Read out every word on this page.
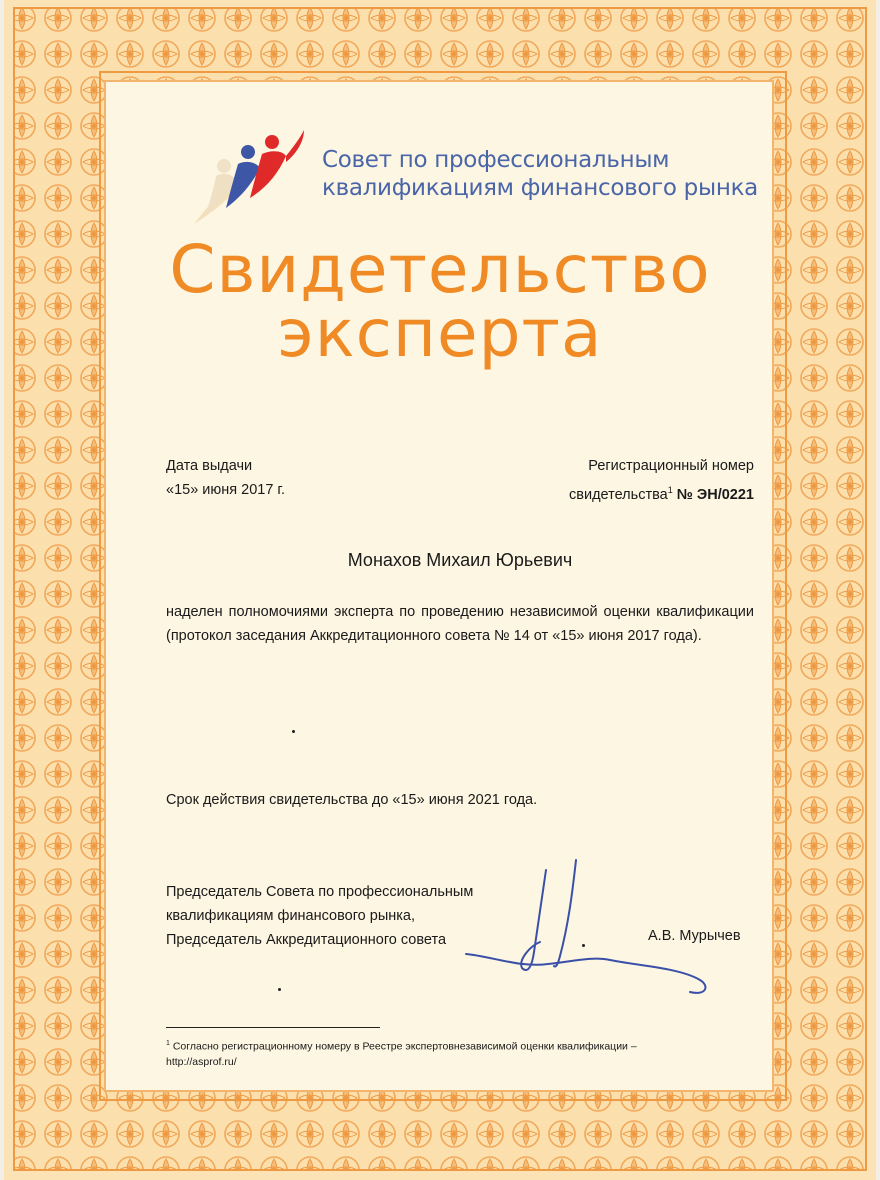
Совет по профессиональным
квалификациям финансового рынка
Свидетельство
эксперта
Дата выдачи
«15» июня 2017 г.
Регистрационный номер
свидетельства$^1$ № ЭН/0221
Монахов Михаил Юрьевич
наделен полномочиями эксперта по проведению независимой оценки квалификации (протокол заседания Аккредитационного совета № 14 от «15» июня 2017 года).
Срок действия свидетельства до «15» июня 2021 года.
Председатель Совета по профессиональным
квалификациям финансового рынка,
Председатель Аккредитационного совета	А.В. Мурычев
$^1$ Согласно регистрационному номеру в Реестре экспертовнезависимой оценки квалификации –
http://asprof.ru/
